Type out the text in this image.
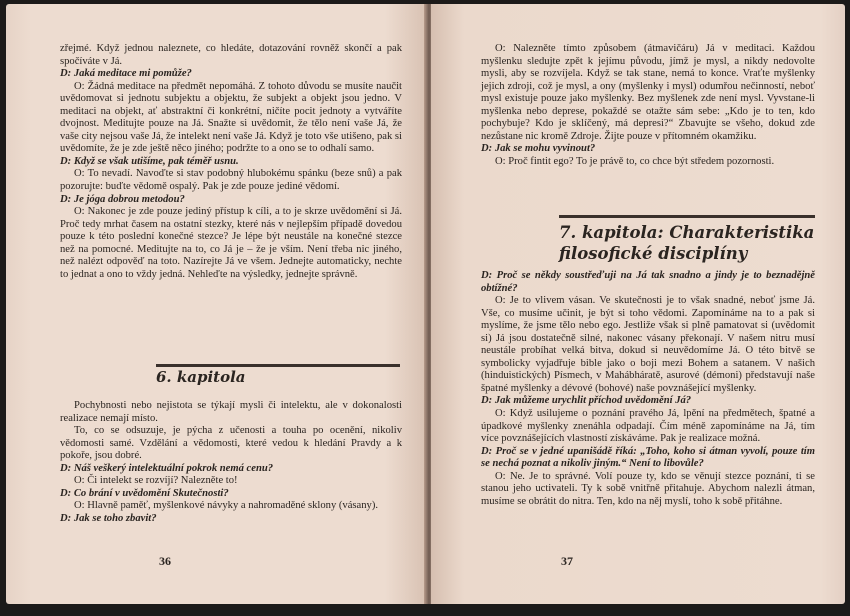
zřejmé. Když jednou naleznete, co hledáte, dotazování rovněž skončí a pak spočíváte v Já.

D: Jaká meditace mi pomůže?

O: Žádná meditace na předmět nepomáhá. Z tohoto důvodu se musíte naučit uvědomovat si jednotu subjektu a objektu, že subjekt a objekt jsou jedno. V meditaci na objekt, ať abstraktní či konkrétní, ničíte pocit jednoty a vytváříte dvojnost. Meditujte pouze na Já. Snažte si uvědomit, že tělo není vaše Já, že vaše city nejsou vaše Já, že intelekt není vaše Já. Když je toto vše utišeno, pak si uvědomíte, že je zde ještě něco jiného; podržte to a ono se to odhalí samo.

D: Když se však utišíme, pak téměř usnu.

O: To nevadí. Navoďte si stav podobný hlubokému spánku (beze snů) a pak pozorujte: buďte vědomě ospalý. Pak je zde pouze jediné vědomí.

D: Je jóga dobrou metodou?

O: Nakonec je zde pouze jediný přístup k cíli, a to je skrze uvědomění si Já. Proč tedy mrhat časem na ostatní stezky, které nás v nejlepším případě dovedou pouze k této poslední konečné stezce? Je lépe být neustále na konečné stezce než na pomocné. Meditujte na to, co Já je – že je vším. Není třeba nic jiného, než nalézt odpověď na toto. Nazírejte Já ve všem. Jednejte automaticky, nechte to jednat a ono to vždy jedná. Nehleďte na výsledky, jednejte správně.

6. kapitola

Pochybnosti nebo nejistota se týkají mysli či intelektu, ale v dokonalosti realizace nemají místo.

To, co se odsuzuje, je pýcha z učenosti a touha po ocenění, nikoliv vědomosti samé. Vzdělání a vědomosti, které vedou k hledání Pravdy a k pokoře, jsou dobré.

D: Náš veškerý intelektuální pokrok nemá cenu?

O: Či intelekt se rozvíjí? Nalezněte to!

D: Co brání v uvědomění Skutečnosti?

O: Hlavně paměť, myšlenkové návyky a nahromaděné sklony (vásany).

D: Jak se toho zbavit?

36

O: Nalezněte tímto způsobem (átmavičáru) Já v meditaci. Každou myšlenku sledujte zpět k jejímu původu, jímž je mysl, a nikdy nedovolte mysli, aby se rozvíjela. Když se tak stane, nemá to konce. Vraťte myšlenky jejich zdroji, což je mysl, a ony (myšlenky i mysl) odumřou nečinností, neboť mysl existuje pouze jako myšlenky. Bez myšlenek zde není mysl. Vyvstane-li myšlenka nebo deprese, pokaždé se otažte sám sebe: „Kdo je to ten, kdo pochybuje? Kdo je sklíčený, má depresi?“ Zbavujte se všeho, dokud zde nezůstane nic kromě Zdroje. Žijte pouze v přítomném okamžiku.

D: Jak se mohu vyvinout?

O: Proč fintit ego? To je právě to, co chce být středem pozornosti.

7. kapitola: Charakteristika filosofické disciplíny

D: Proč se někdy soustřeďuji na Já tak snadno a jindy je to beznadějně obtížné?

O: Je to vlivem vásan. Ve skutečnosti je to však snadné, neboť jsme Já. Vše, co musíme učinit, je být si toho vědomi. Zapomínáme na to a pak si myslíme, že jsme tělo nebo ego. Jestliže však si plně pamatovat si (uvědomit si) Já jsou dostatečně silné, nakonec vásany překonají. V našem nitru musí neustále probíhat velká bitva, dokud si neuvědomíme Já. O této bitvě se symbolicky vyjadřuje bible jako o boji mezi Bohem a satanem. V našich (hinduistických) Písmech, v Mahábháratě, asurové (démoni) představují naše špatné myšlenky a dévové (bohové) naše povznášející myšlenky.

D: Jak můžeme urychlit příchod uvědomění Já?

O: Když usilujeme o poznání pravého Já, lpění na předmětech, špatné a úpadkové myšlenky znenáhla odpadají. Čím méně zapomínáme na Já, tím více povznášejících vlastností získáváme. Pak je realizace možná.

D: Proč se v jedné upanišádě říká: „Toho, koho si átman vyvolí, pouze tím se nechá poznat a nikoliv jiným.“ Není to libovůle?

O: Ne. Je to správné. Volí pouze ty, kdo se věnují stezce poznání, ti se stanou jeho uctivateli. Ty k sobě vnitřně přitahuje. Abychom nalezli átman, musíme se obrátit do nitra. Ten, kdo na něj myslí, toho k sobě přitáhne.

37
